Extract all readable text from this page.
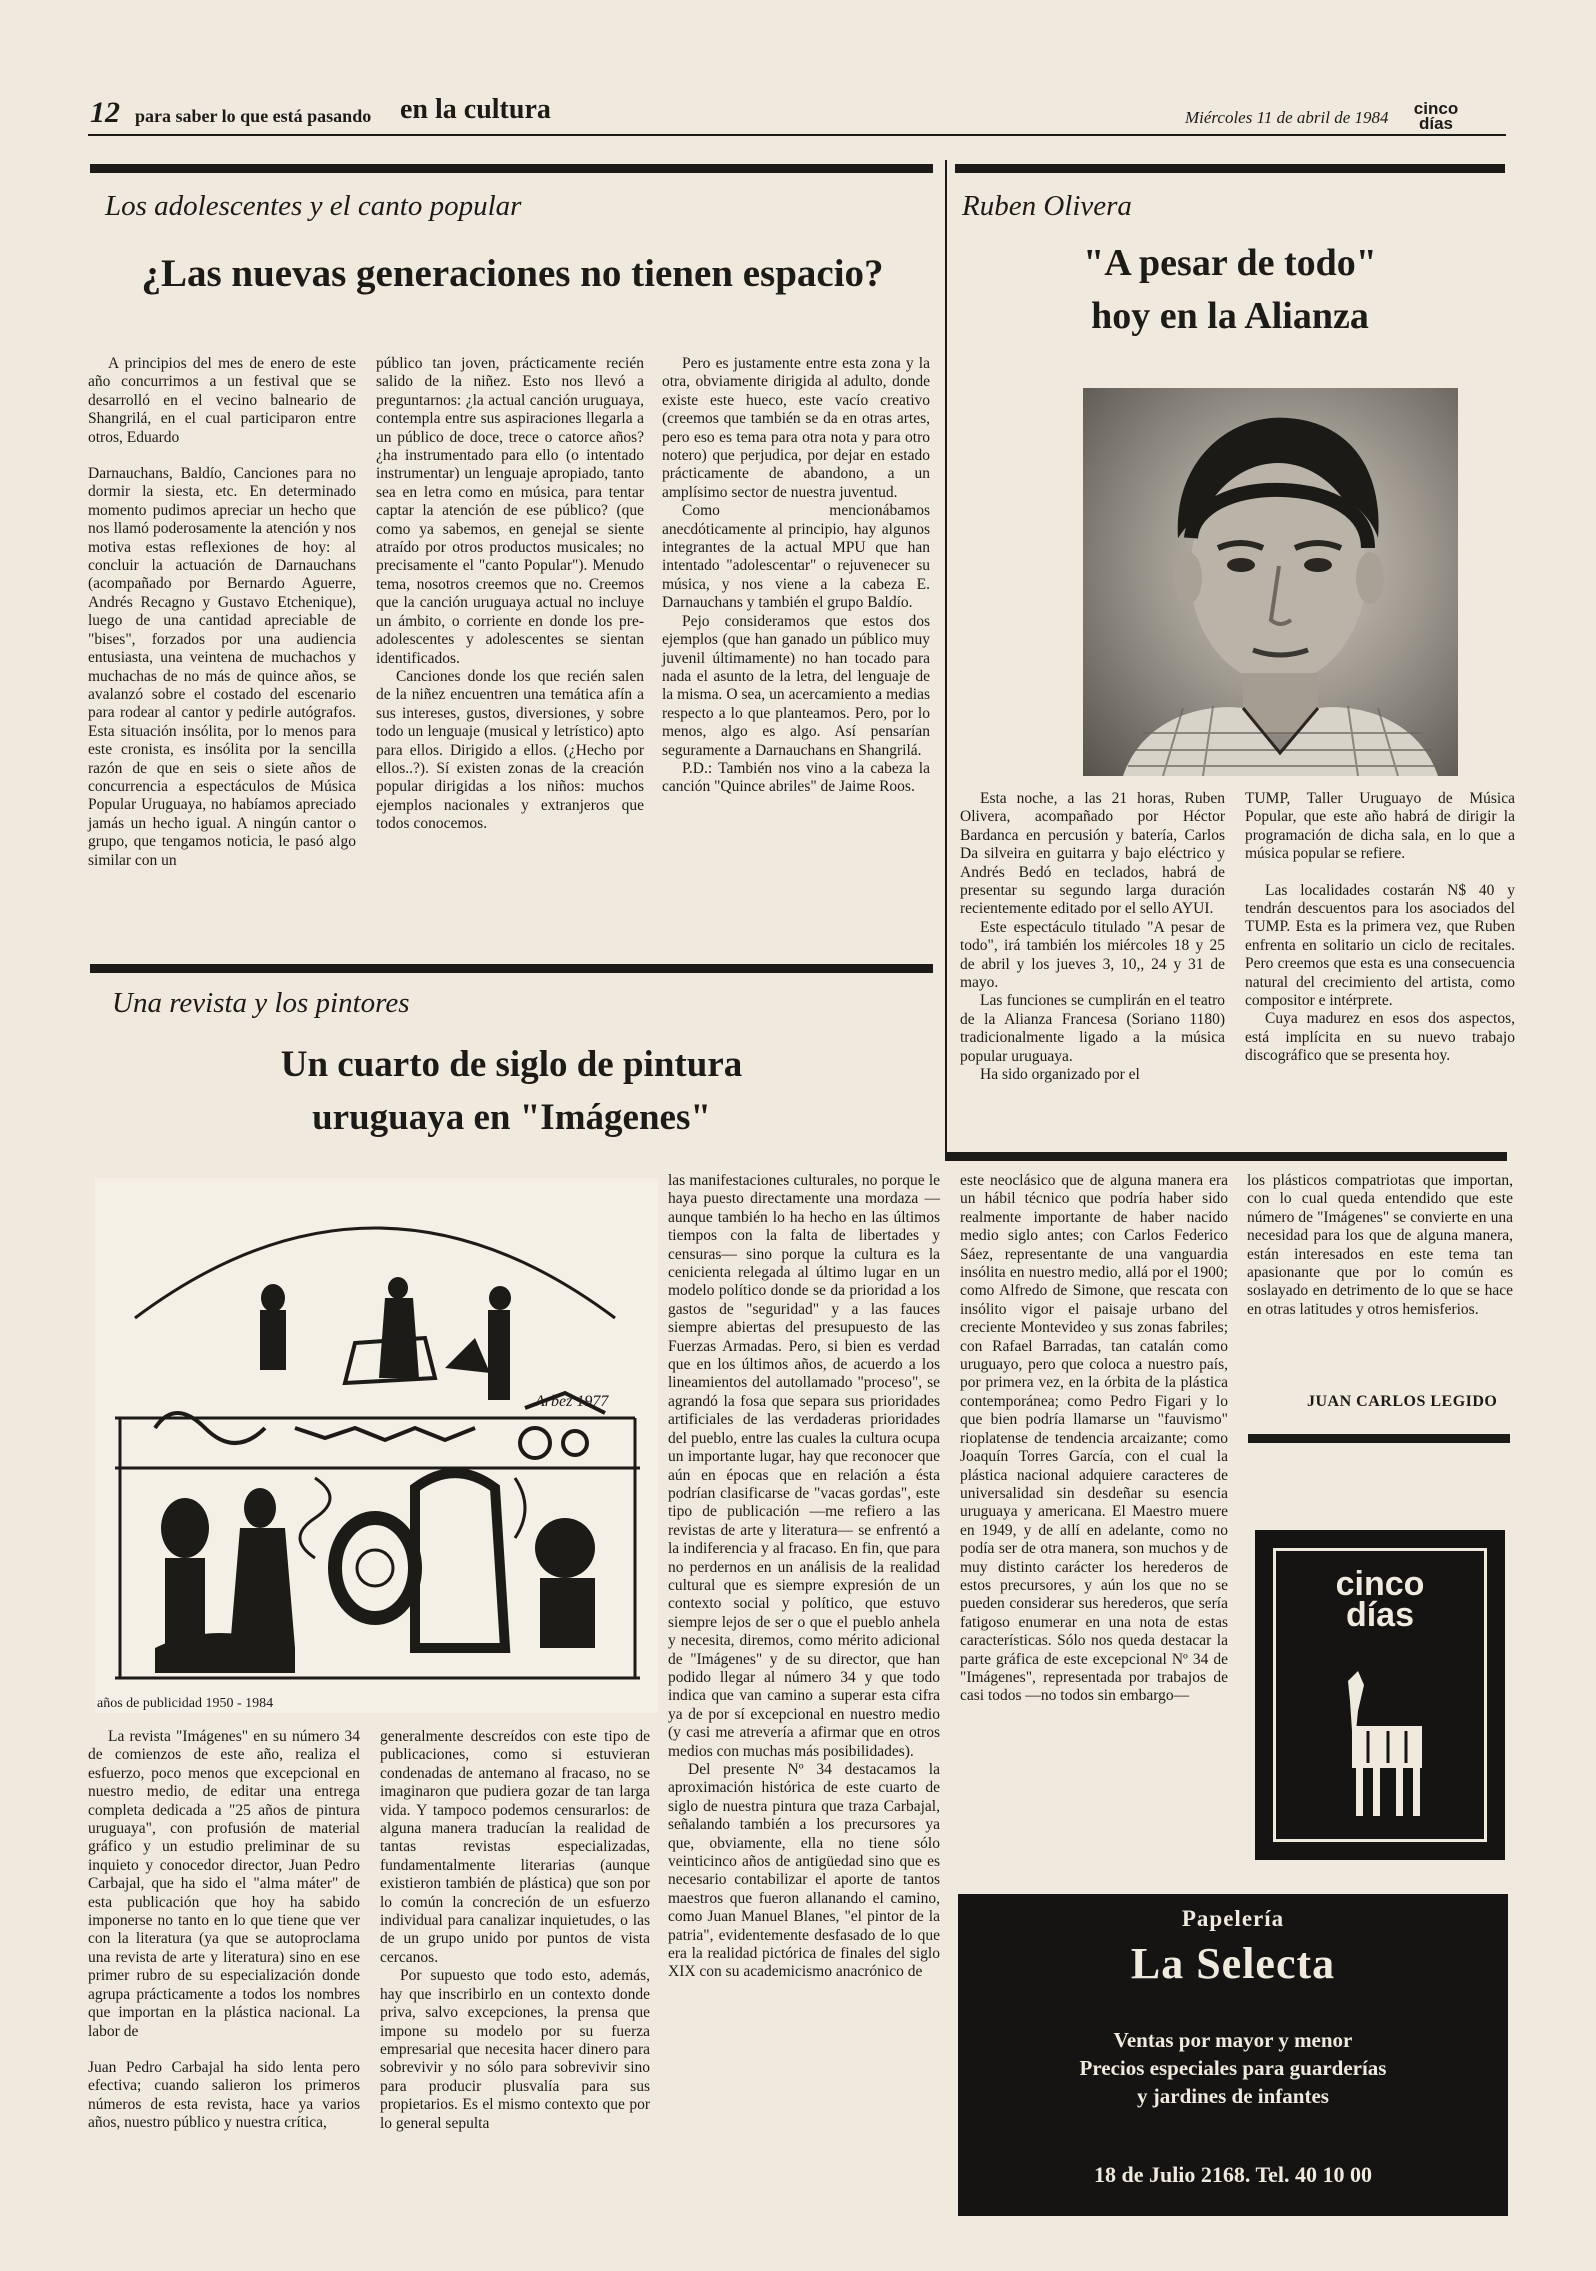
12 para saber lo que está pasando en la cultura	Miércoles 11 de abril de 1984	cinco
días
Los adolescentes y el canto popular
¿Las nuevas generaciones no tienen espacio?

A principios del mes de enero de este año concurrimos a un festival que se desarrolló en el vecino balneario de Shangrilá, en el cual participaron entre otros, Eduardo

Darnauchans, Baldío, Canciones para no dormir la siesta, etc. En determinado momento pudimos apreciar un hecho que nos llamó poderosamente la atención y nos motiva estas reflexiones de hoy: al concluir la actuación de Darnauchans (acompañado por Bernardo Aguerre, Andrés Recagno y Gustavo Etchenique), luego de una cantidad apreciable de "bises", forzados por una audiencia entusiasta, una veintena de muchachos y muchachas de no más de quince años, se avalanzó sobre el costado del escenario para rodear al cantor y pedirle autógrafos. Esta situación insólita, por lo menos para este cronista, es insólita por la sencilla razón de que en seis o siete años de concurrencia a espectáculos de Música Popular Uruguaya, no habíamos apreciado jamás un hecho igual. A ningún cantor o grupo, que tengamos noticia, le pasó algo similar con un

público tan joven, prácticamente recién salido de la niñez. Esto nos llevó a preguntarnos: ¿la actual canción uruguaya, contempla entre sus aspiraciones llegarla a un público de doce, trece o catorce años? ¿ha instrumentado para ello (o intentado instrumentar) un lenguaje apropiado, tanto sea en letra como en música, para tentar captar la atención de ese público? (que como ya sabemos, en genejal se siente atraído por otros productos musicales; no precisamente el "canto Popular"). Menudo tema, nosotros creemos que no. Creemos que la canción uruguaya actual no incluye un ámbito, o corriente en donde los pre-adolescentes y adolescentes se sientan identificados.

Canciones donde los que recién salen de la niñez encuentren una temática afín a sus intereses, gustos, diversiones, y sobre todo un lenguaje (musical y letrístico) apto para ellos. Dirigido a ellos. (¿Hecho por ellos..?). Sí existen zonas de la creación popular dirigidas a los niños: muchos ejemplos nacionales y extranjeros que todos conocemos.

Pero es justamente entre esta zona y la otra, obviamente dirigida al adulto, donde existe este hueco, este vacío creativo (creemos que también se da en otras artes, pero eso es tema para otra nota y para otro notero) que perjudica, por dejar en estado prácticamente de abandono, a un amplísimo sector de nuestra juventud.

Como mencionábamos anecdóticamente al principio, hay algunos integrantes de la actual MPU que han intentado "adolescentar" o rejuvenecer su música, y nos viene a la cabeza E. Darnauchans y también el grupo Baldío.

Pejo consideramos que estos dos ejemplos (que han ganado un público muy juvenil últimamente) no han tocado para nada el asunto de la letra, del lenguaje de la misma. O sea, un acercamiento a medias respecto a lo que planteamos. Pero, por lo menos, algo es algo. Así pensarían seguramente a Darnauchans en Shangrilá.

P.D.: También nos vino a la cabeza la canción "Quince abriles" de Jaime Roos.

Ruben Olivera
"A pesar de todo"
hoy en la Alianza

Esta noche, a las 21 horas, Ruben Olivera, acompañado por Héctor Bardanca en percusión y batería, Carlos Da silveira en guitarra y bajo eléctrico y Andrés Bedó en teclados, habrá de presentar su segundo larga duración recientemente editado por el sello AYUI.

Este espectáculo titulado "A pesar de todo", irá también los miércoles 18 y 25 de abril y los jueves 3, 10,, 24 y 31 de mayo.

Las funciones se cumplirán en el teatro de la Alianza Francesa (Soriano 1180) tradicionalmente ligado a la música popular uruguaya.

Ha sido organizado por el

TUMP, Taller Uruguayo de Música Popular, que este año habrá de dirigir la programación de dicha sala, en lo que a música popular se refiere.

Las localidades costarán N$ 40 y tendrán descuentos para los asociados del TUMP. Esta es la primera vez, que Ruben enfrenta en solitario un ciclo de recitales. Pero creemos que esta es una consecuencia natural del crecimiento del artista, como compositor e intérprete.

Cuya madurez en esos dos aspectos, está implícita en su nuevo trabajo discográfico que se presenta hoy.

Una revista y los pintores
Un cuarto de siglo de pintura
uruguaya en "Imágenes"
Arbez 1977
años de publicidad 1950 - 1984

La revista "Imágenes" en su número 34 de comienzos de este año, realiza el esfuerzo, poco menos que excepcional en nuestro medio, de editar una entrega completa dedicada a "25 años de pintura uruguaya", con profusión de material gráfico y un estudio preliminar de su inquieto y conocedor director, Juan Pedro Carbajal, que ha sido el "alma máter" de esta publicación que hoy ha sabido imponerse no tanto en lo que tiene que ver con la literatura (ya que se autoproclama una revista de arte y literatura) sino en ese primer rubro de su especialización donde agrupa prácticamente a todos los nombres que importan en la plástica nacional. La labor de

Juan Pedro Carbajal ha sido lenta pero efectiva; cuando salieron los primeros números de esta revista, hace ya varios años, nuestro público y nuestra crítica,

generalmente descreídos con este tipo de publicaciones, como si estuvieran condenadas de antemano al fracaso, no se imaginaron que pudiera gozar de tan larga vida. Y tampoco podemos censurarlos: de alguna manera traducían la realidad de tantas revistas especializadas, fundamentalmente literarias (aunque existieron también de plástica) que son por lo común la concreción de un esfuerzo individual para canalizar inquietudes, o las de un grupo unido por puntos de vista cercanos.

Por supuesto que todo esto, además, hay que inscribirlo en un contexto donde priva, salvo excepciones, la prensa que impone su modelo por su fuerza empresarial que necesita hacer dinero para sobrevivir y no sólo para sobrevivir sino para producir plusvalía para sus propietarios. Es el mismo contexto que por lo general sepulta

las manifestaciones culturales, no porque le haya puesto directamente una mordaza —aunque también lo ha hecho en las últimos tiempos con la falta de libertades y censuras— sino porque la cultura es la cenicienta relegada al último lugar en un modelo político donde se da prioridad a los gastos de "seguridad" y a las fauces siempre abiertas del presupuesto de las Fuerzas Armadas. Pero, si bien es verdad que en los últimos años, de acuerdo a los lineamientos del autollamado "proceso", se agrandó la fosa que separa sus prioridades artificiales de las verdaderas prioridades del pueblo, entre las cuales la cultura ocupa un importante lugar, hay que reconocer que aún en épocas que en relación a ésta podrían clasificarse de "vacas gordas", este tipo de publicación —me refiero a las revistas de arte y literatura— se enfrentó a la indiferencia y al fracaso. En fin, que para no perdernos en un análisis de la realidad cultural que es siempre expresión de un contexto social y político, que estuvo siempre lejos de ser o que el pueblo anhela y necesita, diremos, como mérito adicional de "Imágenes" y de su director, que han podido llegar al número 34 y que todo indica que van camino a superar esta cifra ya de por sí excepcional en nuestro medio (y casi me atrevería a afirmar que en otros medios con muchas más posibilidades).

Del presente Nº 34 destacamos la aproximación histórica de este cuarto de siglo de nuestra pintura que traza Carbajal, señalando también a los precursores ya que, obviamente, ella no tiene sólo veinticinco años de antigüedad sino que es necesario contabilizar el aporte de tantos maestros que fueron allanando el camino, como Juan Manuel Blanes, "el pintor de la patria", evidentemente desfasado de lo que era la realidad pictórica de finales del siglo XIX con su academicismo anacrónico de

este neoclásico que de alguna manera era un hábil técnico que podría haber sido realmente importante de haber nacido medio siglo antes; con Carlos Federico Sáez, representante de una vanguardia insólita en nuestro medio, allá por el 1900; como Alfredo de Simone, que rescata con insólito vigor el paisaje urbano del creciente Montevideo y sus zonas fabriles; con Rafael Barradas, tan catalán como uruguayo, pero que coloca a nuestro país, por primera vez, en la órbita de la plástica contemporánea; como Pedro Figari y lo que bien podría llamarse un "fauvismo" rioplatense de tendencia arcaizante; como Joaquín Torres García, con el cual la plástica nacional adquiere caracteres de universalidad sin desdeñar su esencia uruguaya y americana. El Maestro muere en 1949, y de allí en adelante, como no podía ser de otra manera, son muchos y de muy distinto carácter los herederos de estos precursores, y aún los que no se pueden considerar sus herederos, que sería fatigoso enumerar en una nota de estas características. Sólo nos queda destacar la parte gráfica de este excepcional Nº 34 de "Imágenes", representada por trabajos de casi todos —no todos sin embargo—

los plásticos compatriotas que importan, con lo cual queda entendido que este número de "Imágenes" se convierte en una necesidad para los que de alguna manera, están interesados en este tema tan apasionante que por lo común es soslayado en detrimento de lo que se hace en otras latitudes y otros hemisferios.

JUAN CARLOS LEGIDO
cinco
días
Papelería
La Selecta
Ventas por mayor y menor
Precios especiales para guarderías
y jardines de infantes
18 de Julio 2168. Tel. 40 10 00
